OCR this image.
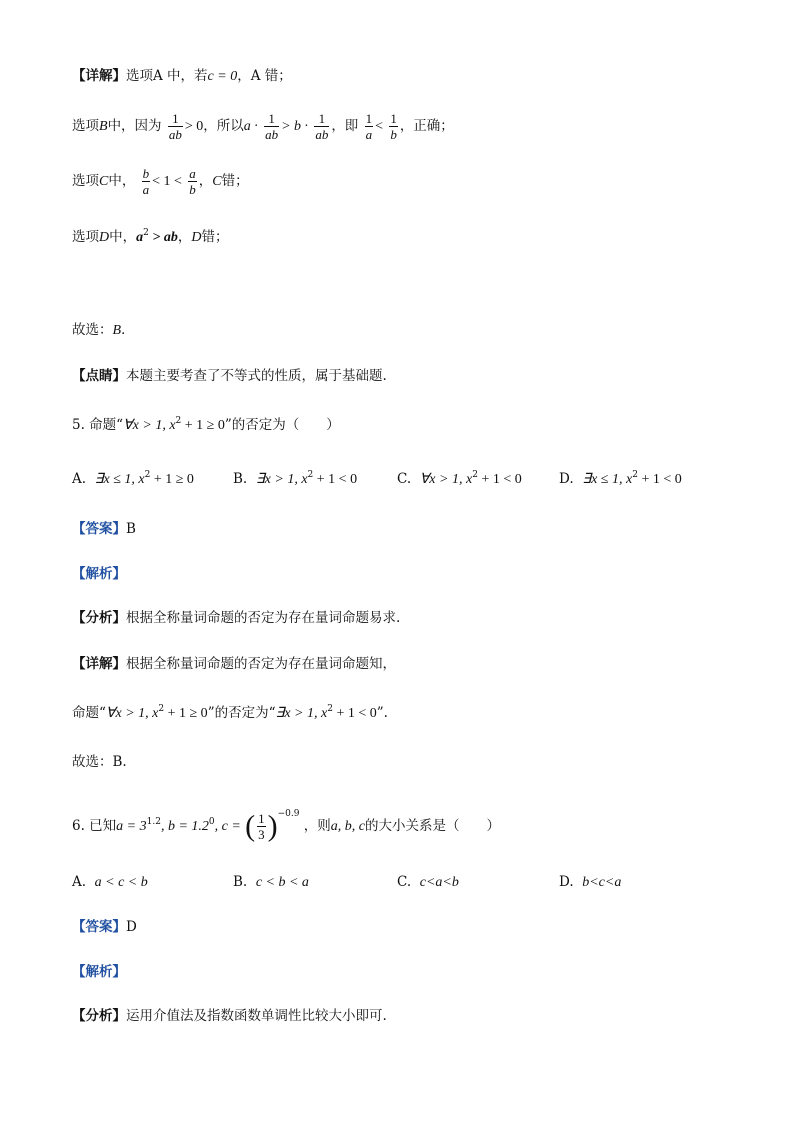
【详解】选项A 中，若c = 0，A 错；
选项B中，因为 $\frac{1}{ab} > 0$，所以$a \cdot \frac{1}{ab} > b \cdot \frac{1}{ab}$ ，即 $\frac{1}{a} < \frac{1}{b}$ ，正确；
选项C中， $\frac{b}{a} < 1 < \frac{a}{b}$ ，C错；
选项D中，$a^2$ > ab，D错；
故选：B．
【点睛】本题主要考查了不等式的性质，属于基础题.
5. 命题“∀x > 1, $x^2 + 1 \ge 0$”的否定为（　　）
A. ∃x ≤ 1, $x^2 + 1 \ge 0$	B. ∃x > 1, $x^2 + 1 < 0$	C. ∀x > 1, $x^2 + 1 < 0$	D. ∃x ≤ 1, $x^2 + 1 < 0$
【答案】B
【解析】
【分析】根据全称量词命题的否定为存在量词命题易求.
【详解】根据全称量词命题的否定为存在量词命题知，
命题“∀x > 1, $x^2 + 1 \ge 0$”的否定为“∃x > 1, $x^2 + 1 < 0$”.
故选：B.
6. 已知$a = 3^{1.2}$, $b = 1.2^0$, c = ( $\frac{1}{3} )^{-0.9}$ ，则a, b, c的大小关系是（　　）
A. a < c < b	B. c < b < a	C. c<a<b	D. b<c<a
【答案】D
【解析】
【分析】运用介值法及指数函数单调性比较大小即可.
